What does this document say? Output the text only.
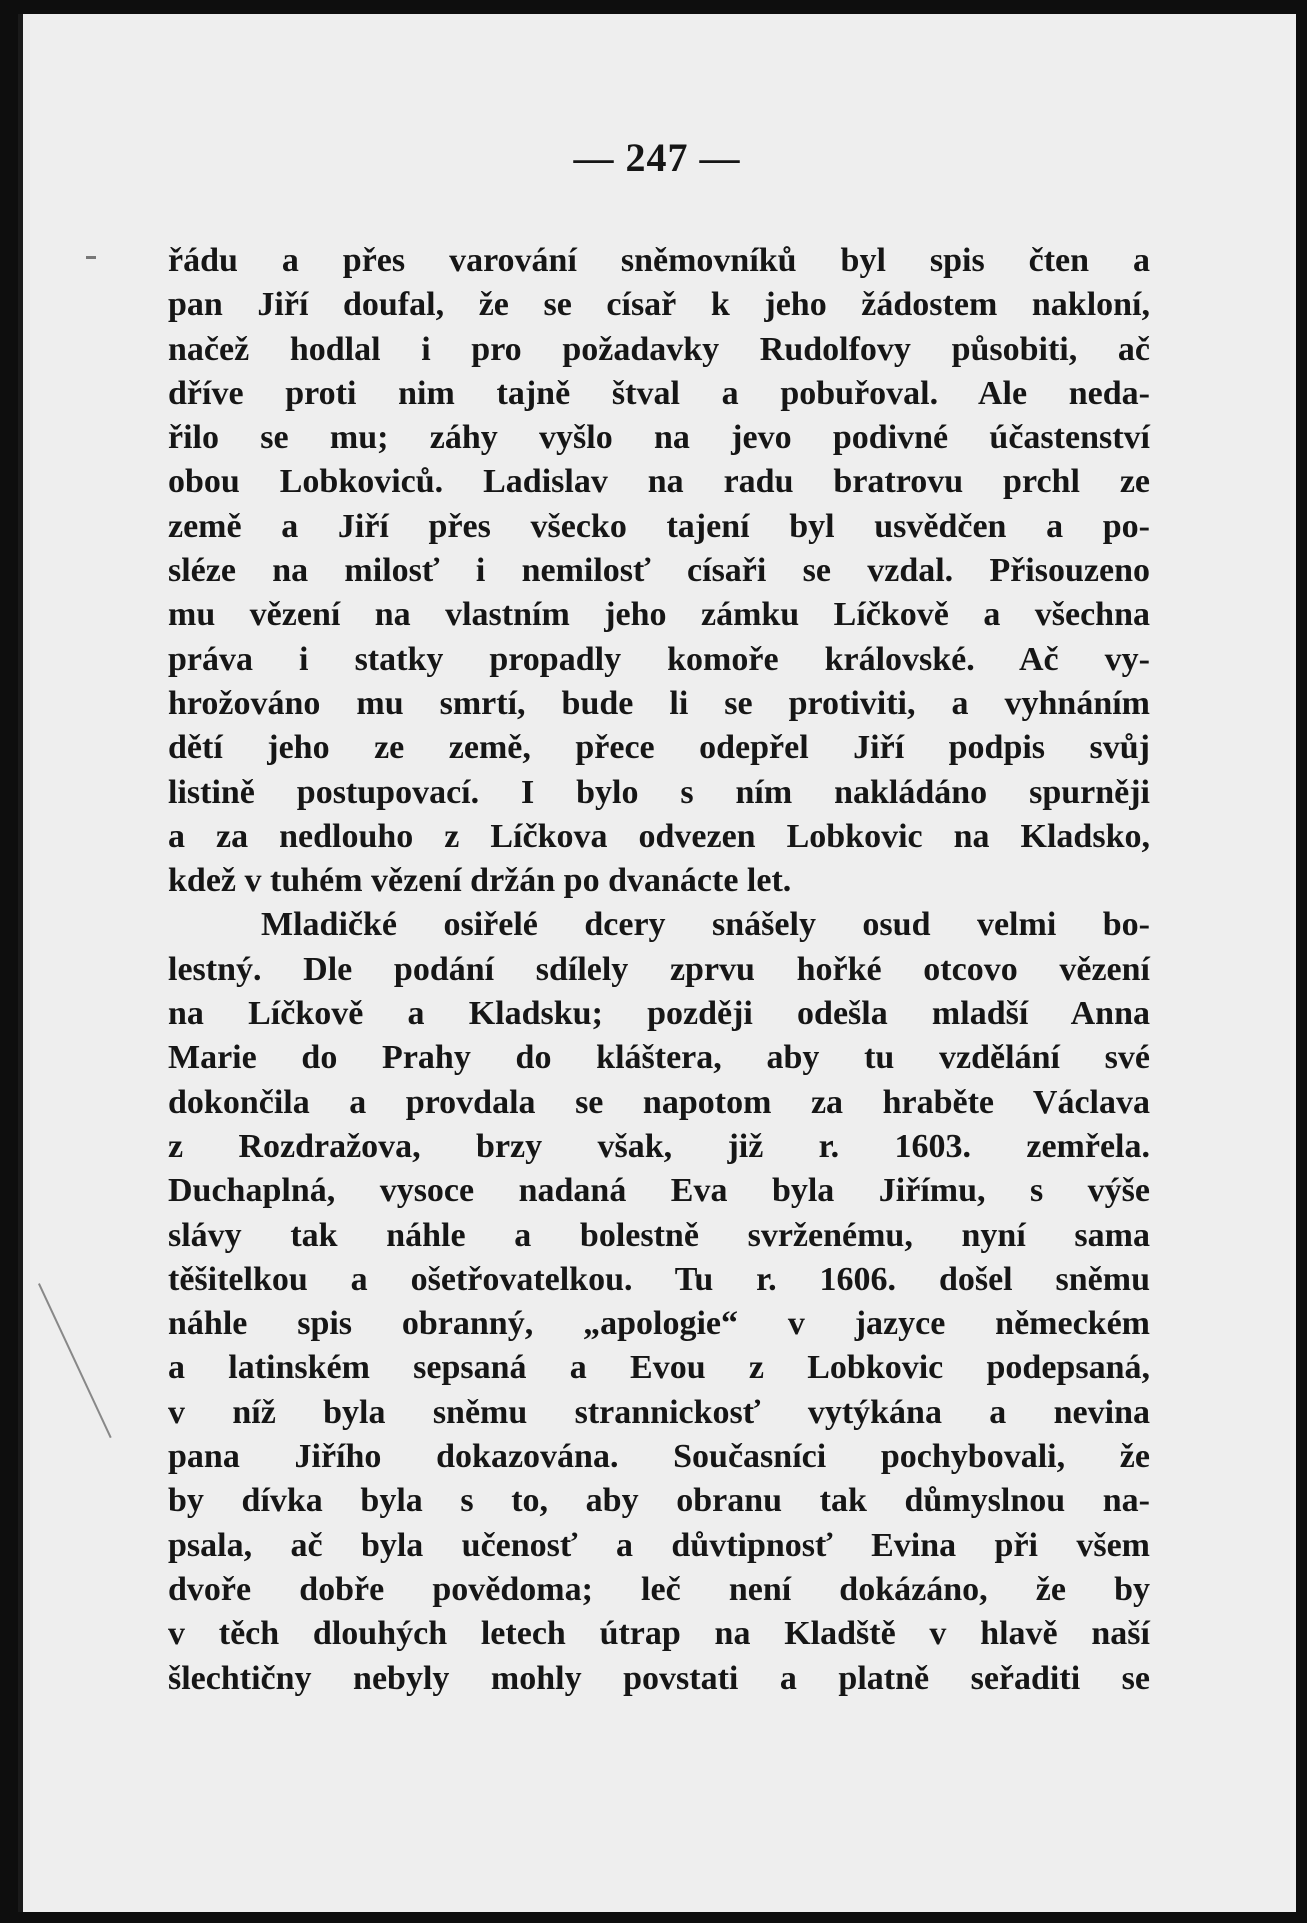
— 247 —

řádu a přes varování sněmovníků byl spis čten a
pan Jiří doufal, že se císař k jeho žádostem nakloní,
načež hodlal i pro požadavky Rudolfovy působiti, ač
dříve proti nim tajně štval a pobuřoval. Ale neda-
řilo se mu; záhy vyšlo na jevo podivné účastenství
obou Lobkoviců. Ladislav na radu bratrovu prchl ze
země a Jiří přes všecko tajení byl usvědčen a po-
sléze na milosť i nemilosť císaři se vzdal. Přisouzeno
mu vězení na vlastním jeho zámku Líčkově a všechna
práva i statky propadly komoře královské. Ač vy-
hrožováno mu smrtí, bude li se protiviti, a vyhnáním
dětí jeho ze země, přece odepřel Jiří podpis svůj
listině postupovací. I bylo s ním nakládáno spurněji
a za nedlouho z Líčkova odvezen Lobkovic na Kladsko,
kdež v tuhém vězení držán po dvanácte let.
Mladičké osiřelé dcery snášely osud velmi bo-
lestný. Dle podání sdílely zprvu hořké otcovo vězení
na Líčkově a Kladsku; později odešla mladší Anna
Marie do Prahy do kláštera, aby tu vzdělání své
dokončila a provdala se napotom za hraběte Václava
z Rozdražova, brzy však, již r. 1603. zemřela.
Duchaplná, vysoce nadaná Eva byla Jiřímu, s výše
slávy tak náhle a bolestně svrženému, nyní sama
těšitelkou a ošetřovatelkou. Tu r. 1606. došel sněmu
náhle spis obranný, „apologie“ v jazyce německém
a latinském sepsaná a Evou z Lobkovic podepsaná,
v níž byla sněmu strannickosť vytýkána a nevina
pana Jiřího dokazována. Současníci pochybovali, že
by dívka byla s to, aby obranu tak důmyslnou na-
psala, ač byla učenosť a důvtipnosť Evina při všem
dvoře dobře povědoma; leč není dokázáno, že by
v těch dlouhých letech útrap na Kladště v hlavě naší
šlechtičny nebyly mohly povstati a platně seřaditi se
